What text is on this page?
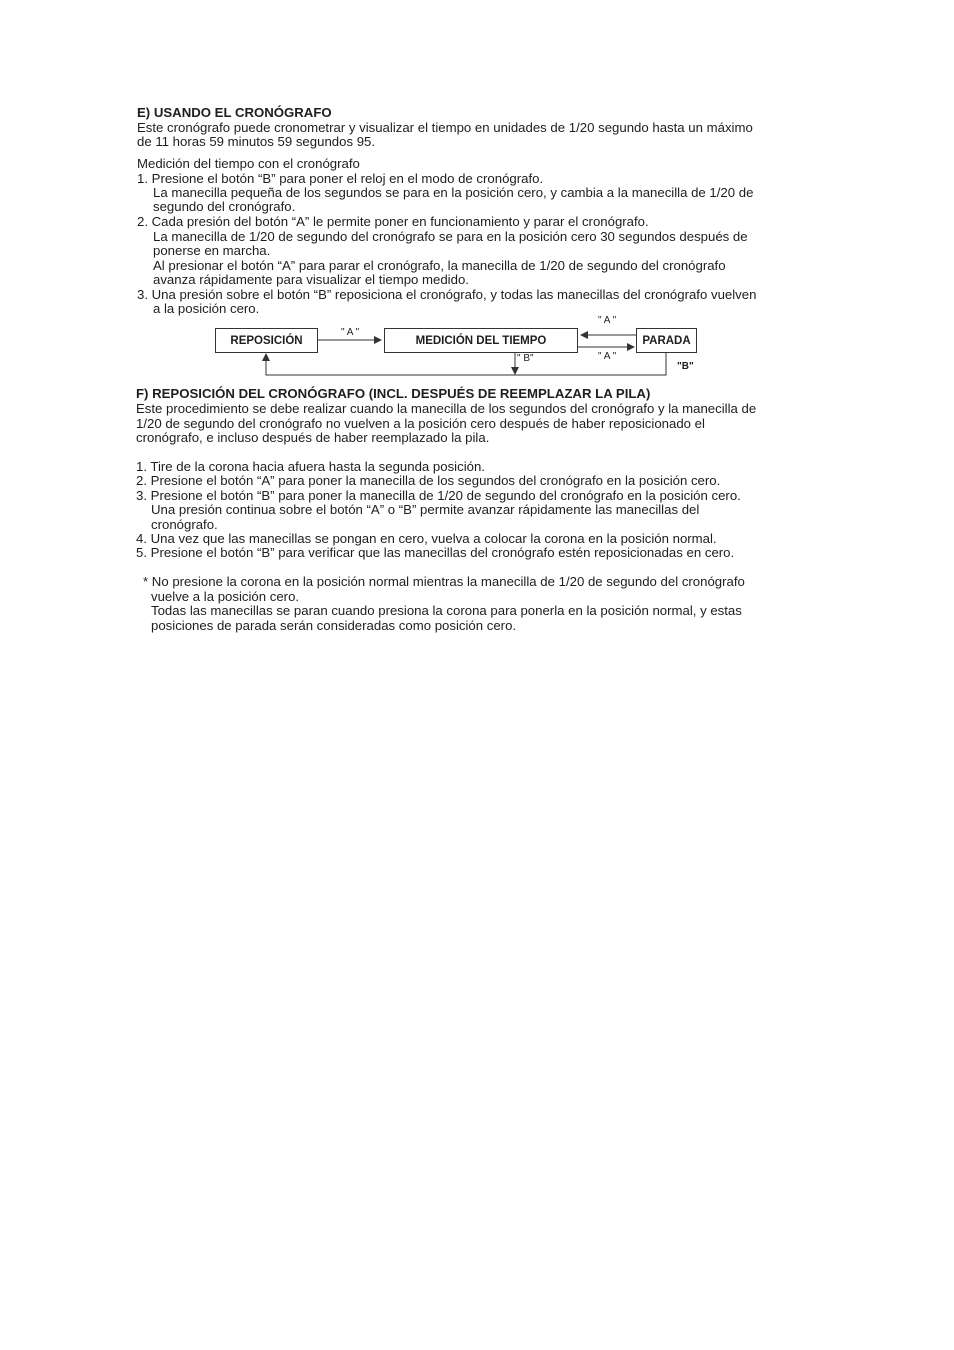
E) USANDO EL CRONÓGRAFO
Este cronógrafo puede cronometrar y visualizar el tiempo en unidades de 1/20 segundo hasta un máximo
de 11 horas 59 minutos 59 segundos 95.
Medición del tiempo con el cronógrafo
1. Presione el botón “B” para poner el reloj en el modo de cronógrafo.
La manecilla pequeña de los segundos se para en la posición cero, y cambia a la manecilla de 1/20 de
segundo del cronógrafo.
2. Cada presión del botón “A” le permite poner en funcionamiento y parar el cronógrafo.
La manecilla de 1/20 de segundo del cronógrafo se para en la posición cero 30 segundos después de
ponerse en marcha.
Al presionar el botón “A” para parar el cronógrafo, la manecilla de 1/20 de segundo del cronógrafo
avanza rápidamente para visualizar el tiempo medido.
3. Una presión sobre el botón “B” reposiciona el cronógrafo, y todas las manecillas del cronógrafo vuelven
a la posición cero.
REPOSICIÓN	MEDICIÓN DEL TIEMPO	PARADA
" A "
" A "
" A "
" B"
"B"
F) REPOSICIÓN DEL CRONÓGRAFO (INCL. DESPUÉS DE REEMPLAZAR LA PILA)
Este procedimiento se debe realizar cuando la manecilla de los segundos del cronógrafo y la manecilla de
1/20 de segundo del cronógrafo no vuelven a la posición cero después de haber reposicionado el
cronógrafo, e incluso después de haber reemplazado la pila.
1. Tire de la corona hacia afuera hasta la segunda posición.
2. Presione el botón “A” para poner la manecilla de los segundos del cronógrafo en la posición cero.
3. Presione el botón “B” para poner la manecilla de 1/20 de segundo del cronógrafo en la posición cero.
Una presión continua sobre el botón “A” o “B” permite avanzar rápidamente las manecillas del
cronógrafo.
4. Una vez que las manecillas se pongan en cero, vuelva a colocar la corona en la posición normal.
5. Presione el botón “B” para verificar que las manecillas del cronógrafo estén reposicionadas en cero.
* No presione la corona en la posición normal mientras la manecilla de 1/20 de segundo del cronógrafo
vuelve a la posición cero.
Todas las manecillas se paran cuando presiona la corona para ponerla en la posición normal, y estas
posiciones de parada serán consideradas como posición cero.
